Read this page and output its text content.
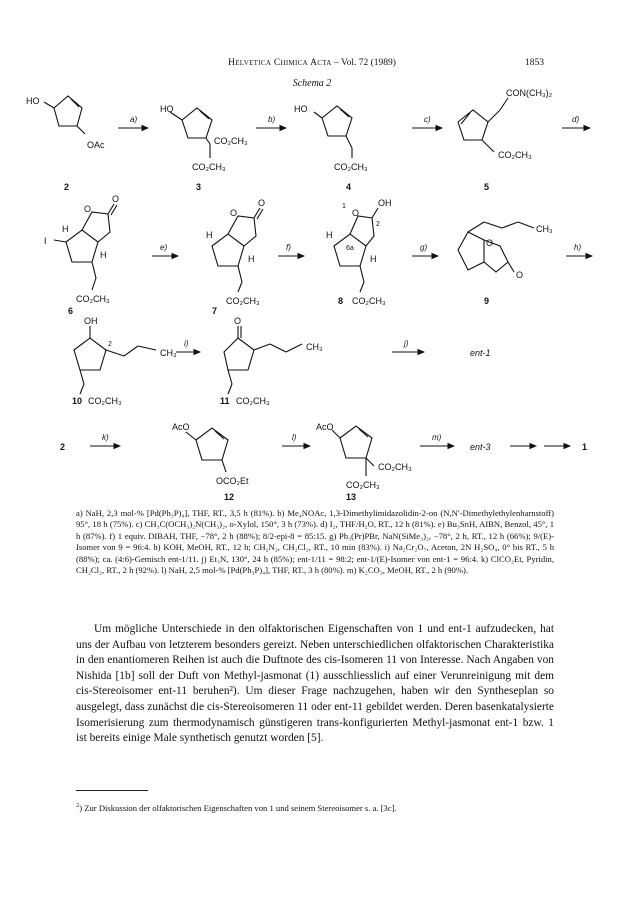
Helvetica Chimica Acta – Vol. 72 (1989)	1853
Schema 2
HO
OAc
2
a)
HO
CO₂CH₃
CO₂CH₃
3
b)
HO
CO₂CH₃
4
c)
CON(CH₃)₂
CO₂CH₃
5
d)
O
O
H
I
H
CO₂CH₃
6
e)
O
O
H
H
CO₂CH₃
7
f)
OH
O
1
2
6a
H
H
CO₂CH₃
8
g)
O
O
CH₃
9
h)
OH
2
CH₃
CO₂CH₃
10
i)
O
CH₃
CO₂CH₃
11
j)
ent-1
2
k)
AcO
OCO₂Et
12
l)
AcO
CO₂CH₃
CO₂CH₃
13
m)
ent-3	1
a) NaH, 2,3 mol-% [Pd(Ph₃P)₄], THF, RT., 3,5 h (81%). b) Me₄NOAc, 1,3-Dimethylimidazolidin-2-on (N,N′-Dimethylethylenharnstoff) 95°, 18 h (75%). c) CH₃C(OCH₃)₂N(CH₃)₂, o-Xylol, 150°, 3 h (73%). d) I₂, THF/H₂O, RT., 12 h (81%). e) Bu₃SnH, AIBN, Benzol, 45°, 1 h (87%). f) 1 equiv. DIBAH, THF, −78°, 2 h (88%); 8/2-epi-8 = 85:15. g) Ph₃(Pr)PBr, NaN(SiMe₃)₂, −78°, 2 h, RT., 12 h (66%); 9/(E)-Isomer von 9 = 96:4. h) KOH, MeOH, RT., 12 h; CH₂N₂, CH₂Cl₂, RT., 10 min (83%). i) Na₂Cr₂O₇, Aceton, 2N H₂SO₄, 0° bis RT., 5 h (88%); ca. (4:6)-Gemisch ent-1/11. j) Et₃N, 130°, 24 h (85%); ent-1/11 = 98:2; ent-1/(E)-Isomer von ent-1 = 96:4. k) ClCO₂Et, Pyridin, CH₂Cl₂, RT., 2 h (92%). l) NaH, 2,5 mol-% [Pd(Ph₃P)₄], THF, RT., 3 h (80%). m) K₂CO₃, MeOH, RT., 2 h (90%).
Um mögliche Unterschiede in den olfaktorischen Eigenschaften von 1 und ent-1 aufzudecken, hat uns der Aufbau von letzterem besonders gereizt. Neben unterschiedlichen olfaktorischen Charakteristika in den enantiomeren Reihen ist auch die Duftnote des cis-Isomeren 11 von Interesse. Nach Angaben von Nishida [1b] soll der Duft von Methyl-jasmonat (1) ausschliesslich auf einer Verunreinigung mit dem cis-Stereoisomer ent-11 beruhen²). Um dieser Frage nachzugehen, haben wir den Syntheseplan so ausgelegt, dass zunächst die cis-Stereoisomeren 11 oder ent-11 gebildet werden. Deren basenkatalysierte Isomerisierung zum thermodynamisch günstigeren trans-konfigurierten Methyl-jasmonat ent-1 bzw. 1 ist bereits einige Male synthetisch genutzt worden [5].
$^2$) Zur Diskussion der olfaktorischen Eigenschaften von 1 und seinem Stereoisomer s. a. [3c].
